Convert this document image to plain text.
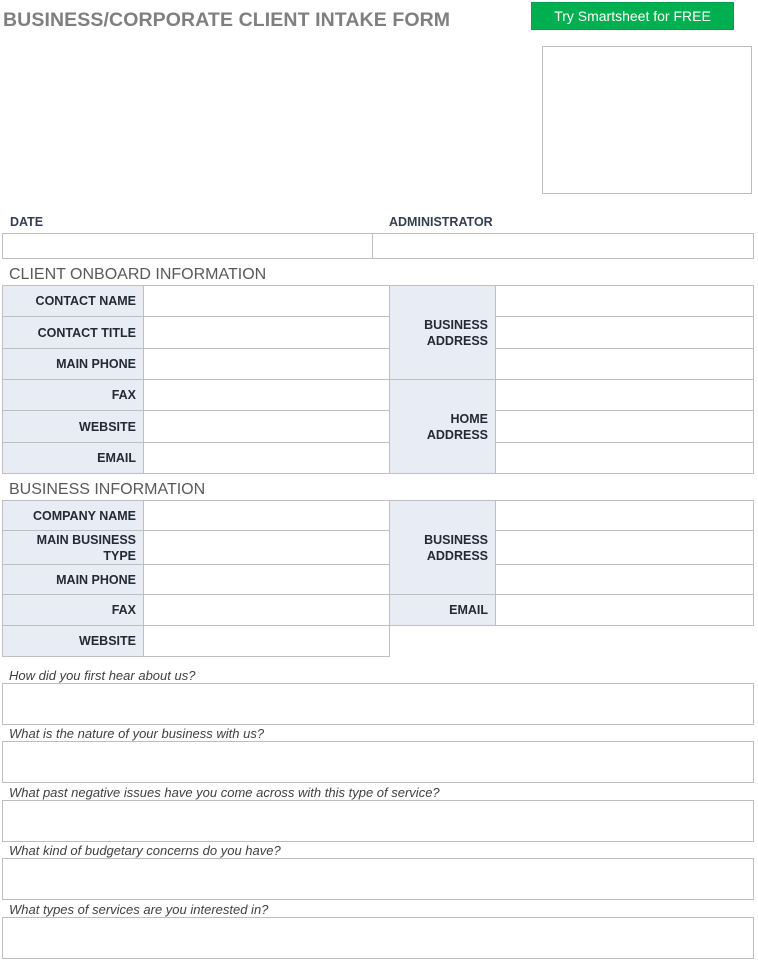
BUSINESS/CORPORATE CLIENT INTAKE FORM	Try Smartsheet for FREE
DATE	ADMINISTRATOR
CLIENT ONBOARD INFORMATION
CONTACT NAME
CONTACT TITLE
MAIN PHONE
FAX
WEBSITE
EMAIL
BUSINESS ADDRESS
HOME ADDRESS
BUSINESS INFORMATION
COMPANY NAME
MAIN BUSINESS TYPE
MAIN PHONE
FAX
WEBSITE
BUSINESS ADDRESS
EMAIL
How did you first hear about us?
What is the nature of your business with us?
What past negative issues have you come across with this type of service?
What kind of budgetary concerns do you have?
What types of services are you interested in?
